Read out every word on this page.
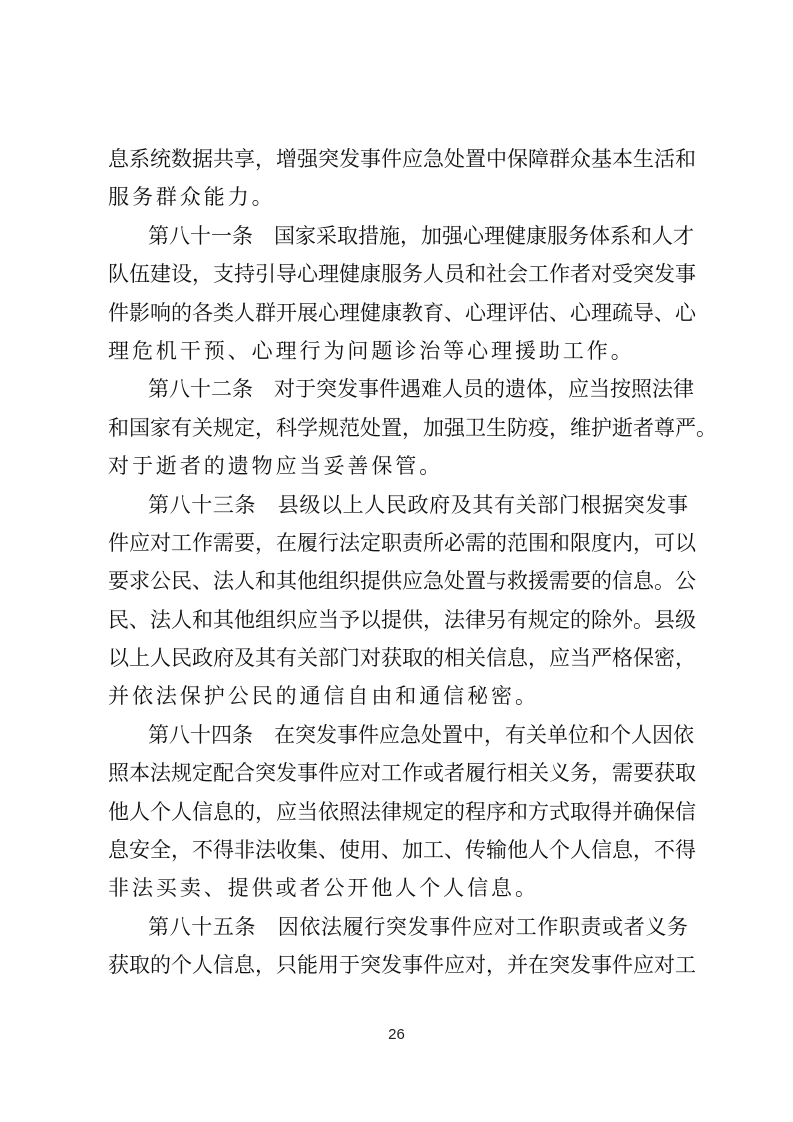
息 系 统 数 据 共 享 ， 增 强 突 发 事 件 应 急 处 置 中 保 障 群 众 基 本 生 活 和
服务群众能力。
第 八 十 一 条
　 国 家 采 取 措 施 ， 加 强 心 理 健 康 服 务 体 系 和 人 才
队 伍 建 设 ， 支 持 引 导 心 理 健 康 服 务 人 员 和 社 会 工 作 者 对 受 突 发 事
件 影 响 的 各 类 人 群 开 展 心 理 健 康 教 育 、 心 理 评 估 、 心 理 疏 导 、 心
理危机干预、心理行为问题诊治等心理援助工作。
第 八 十 二 条
　 对 于 突 发 事 件 遇 难 人 员 的 遗 体 ， 应 当 按 照 法 律
和 国 家 有 关 规 定 ， 科 学 规 范 处 置 ， 加 强 卫 生 防 疫 ， 维 护 逝 者 尊 严 。
对于逝者的遗物应当妥善保管。
第 八 十 三 条
　 县 级 以 上 人 民 政 府 及 其 有 关 部 门 根 据 突 发 事
件 应 对 工 作 需 要 ， 在 履 行 法 定 职 责 所 必 需 的 范 围 和 限 度 内 ， 可 以
要 求 公 民 、 法 人 和 其 他 组 织 提 供 应 急 处 置 与 救 援 需 要 的 信 息 。 公
民 、 法 人 和 其 他 组 织 应 当 予 以 提 供 ， 法 律 另 有 规 定 的 除 外 。 县 级
以 上 人 民 政 府 及 其 有 关 部 门 对 获 取 的 相 关 信 息 ， 应 当 严 格 保 密 ，
并依法保护公民的通信自由和通信秘密。
第 八 十 四 条
　 在 突 发 事 件 应 急 处 置 中 ， 有 关 单 位 和 个 人 因 依
照 本 法 规 定 配 合 突 发 事 件 应 对 工 作 或 者 履 行 相 关 义 务 ， 需 要 获 取
他 人 个 人 信 息 的 ， 应 当 依 照 法 律 规 定 的 程 序 和 方 式 取 得 并 确 保 信
息 安 全 ， 不 得 非 法 收 集 、 使 用 、 加 工 、 传 输 他 人 个 人 信 息 ， 不 得
非法买卖、提供或者公开他人个人信息。
第 八 十 五 条
　 因 依 法 履 行 突 发 事 件 应 对 工 作 职 责 或 者 义 务
获 取 的 个 人 信 息 ， 只 能 用 于 突 发 事 件 应 对 ， 并 在 突 发 事 件 应 对 工
26
